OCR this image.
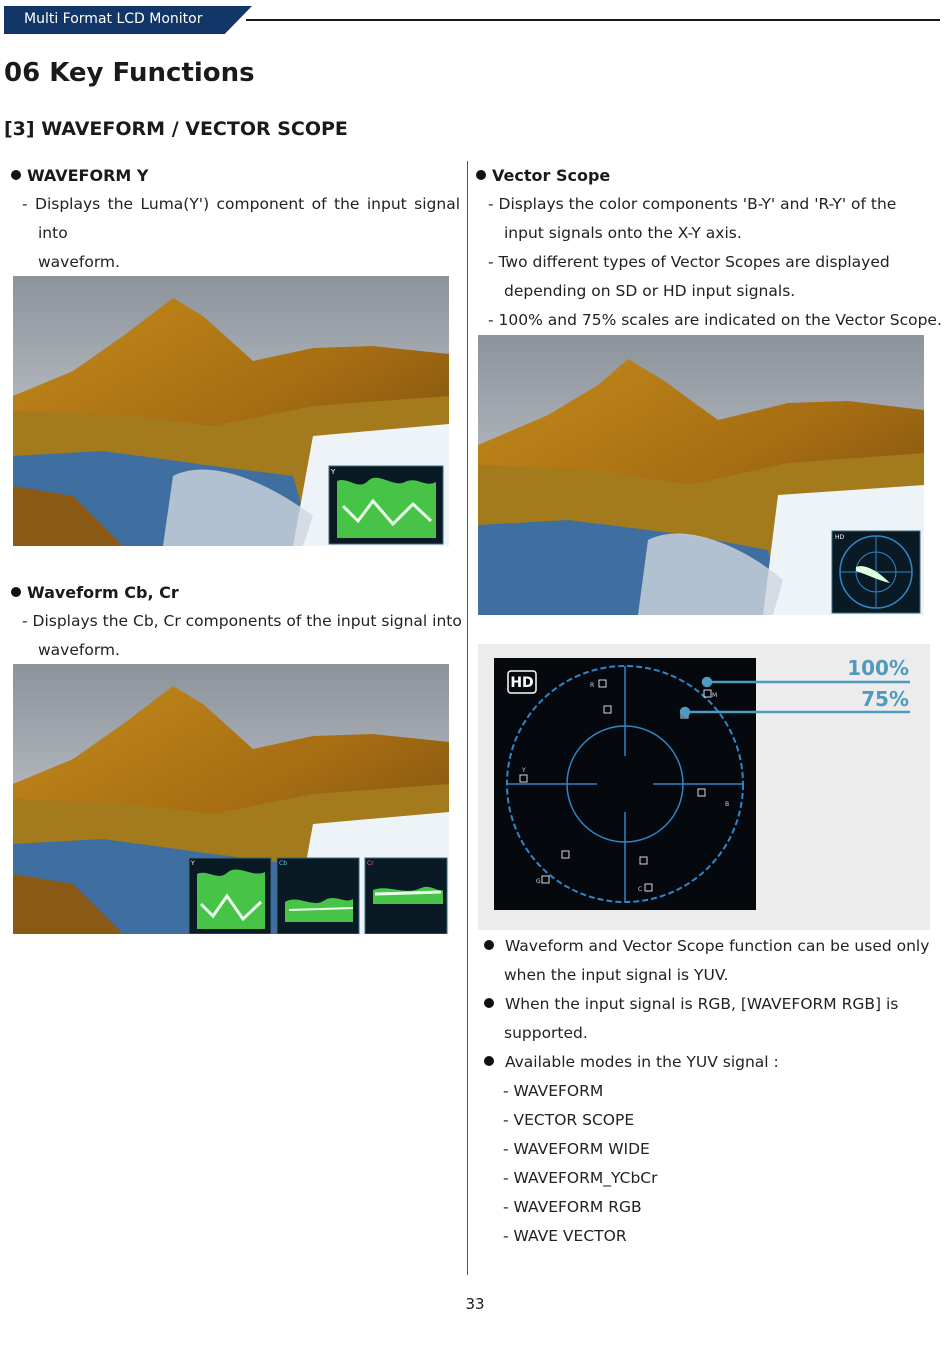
Multi Format LCD Monitor
06 Key Functions
[3] WAVEFORM / VECTOR SCOPE
WAVEFORM Y
- Displays the Luma(Y') component of the input signal
into
waveform.
Y
Waveform Cb, Cr
- Displays the Cb, Cr components of the input signal into
waveform.
Y	Cb	Cr
Vector Scope
- Displays the color components 'B-Y' and 'R-Y' of the
input signals onto the X-Y axis.
- Two different types of Vector Scopes are displayed
depending on SD or HD input signals.
- 100% and 75% scales are indicated on the Vector Scope.
HD
R
M
Y
B
G
C
HD
100%
75%
Waveform and Vector Scope function can be used only
when the input signal is YUV.
When the input signal is RGB, [WAVEFORM RGB] is
supported.
Available modes in the YUV signal :
- WAVEFORM
- VECTOR SCOPE
- WAVEFORM WIDE
- WAVEFORM_YCbCr
- WAVEFORM RGB
- WAVE VECTOR
33
